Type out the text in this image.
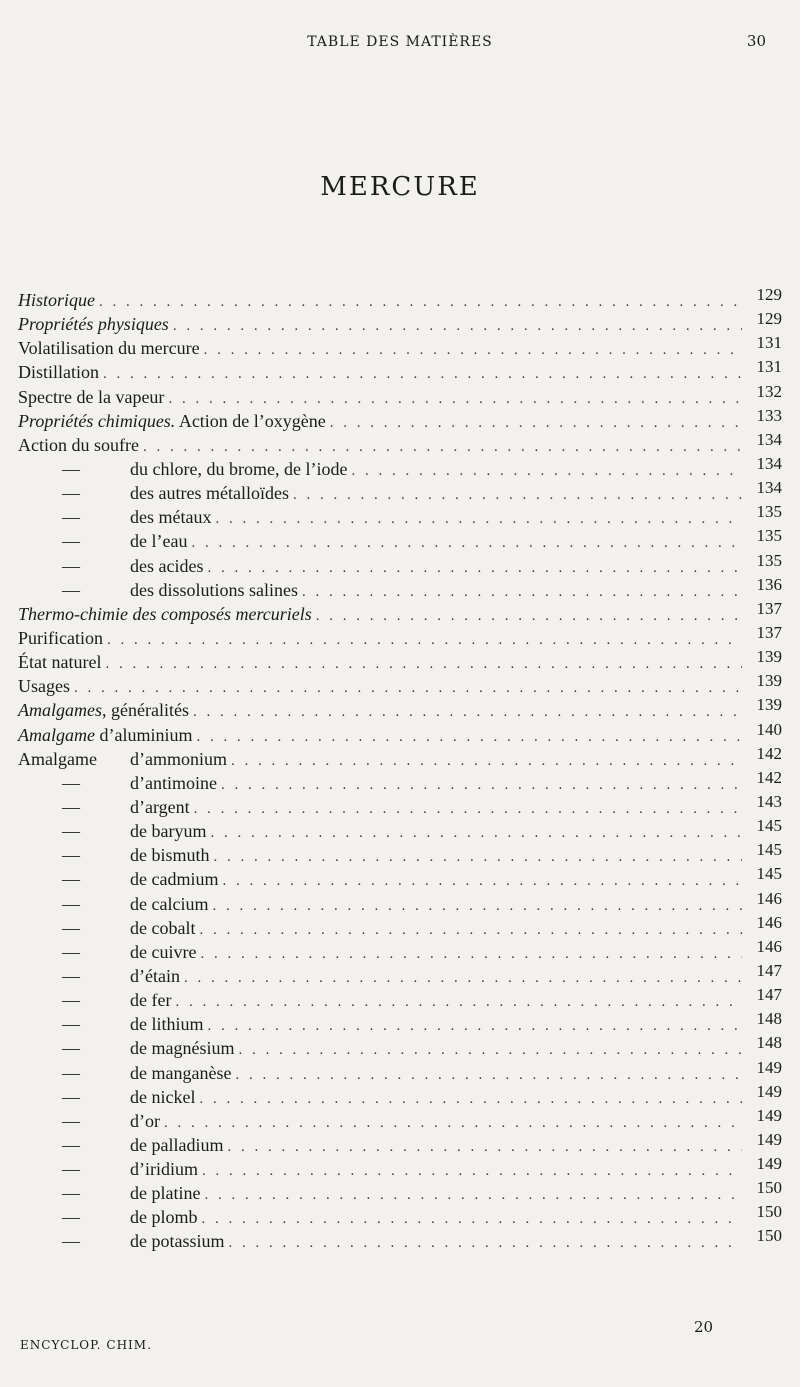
TABLE DES MATIÈRES	30
MERCURE
Historique . . .	129
Propriétés physiques . . .	129
Volatilisation du mercure . . .	131
Distillation . . .	131
Spectre de la vapeur . . .	132
Propriétés chimiques. Action de l’oxygène . . .	133
Action du soufre . . .	134
—	du chlore, du brome, de l’iode . . .	134
—	des autres métalloïdes . . .	134
—	des métaux . . .	135
—	de l’eau . . .	135
—	des acides . . .	135
—	des dissolutions salines . . .	136
Thermo-chimie des composés mercuriels . . .	137
Purification . . .	137
État naturel . . .	139
Usages . . .	139
Amalgames, généralités . . .	139
Amalgame d’aluminium . . .	140
Amalgame	d’ammonium . . .	142
—	d’antimoine . . .	142
—	d’argent . . .	143
—	de baryum . . .	145
—	de bismuth . . .	145
—	de cadmium . . .	145
—	de calcium . . .	146
—	de cobalt . . .	146
—	de cuivre . . .	146
—	d’étain . . .	147
—	de fer . . .	147
—	de lithium . . .	148
—	de magnésium . . .	148
—	de manganèse . . .	149
—	de nickel . . .	149
—	d’or . . .	149
—	de palladium . . .	149
—	d’iridium . . .	149
—	de platine . . .	150
—	de plomb . . .	150
—	de potassium . . .	150
ENCYCLOP. CHIM.
20
